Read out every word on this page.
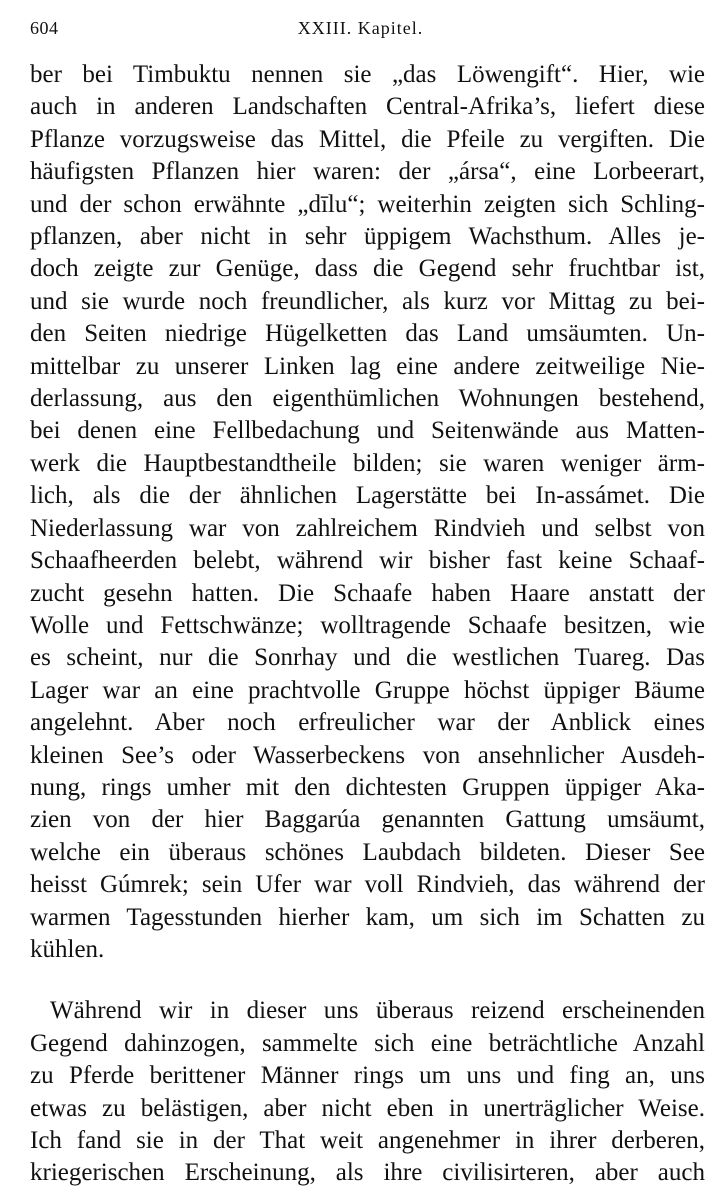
604	XXIII. Kapitel.
ber bei Timbuktu nennen sie „das Löwengift“. Hier, wie
auch in anderen Landschaften Central-Afrika’s, liefert diese
Pflanze vorzugsweise das Mittel, die Pfeile zu vergiften. Die
häufigsten Pflanzen hier waren: der „ársa“, eine Lorbeerart,
und der schon erwähnte „dīlu“; weiterhin zeigten sich Schling-
pflanzen, aber nicht in sehr üppigem Wachsthum. Alles je-
doch zeigte zur Genüge, dass die Gegend sehr fruchtbar ist,
und sie wurde noch freundlicher, als kurz vor Mittag zu bei-
den Seiten niedrige Hügelketten das Land umsäumten. Un-
mittelbar zu unserer Linken lag eine andere zeitweilige Nie-
derlassung, aus den eigenthümlichen Wohnungen bestehend,
bei denen eine Fellbedachung und Seitenwände aus Matten-
werk die Hauptbestandtheile bilden; sie waren weniger ärm-
lich, als die der ähnlichen Lagerstätte bei In-assámet. Die
Niederlassung war von zahlreichem Rindvieh und selbst von
Schaafheerden belebt, während wir bisher fast keine Schaaf-
zucht gesehn hatten. Die Schaafe haben Haare anstatt der
Wolle und Fettschwänze; wolltragende Schaafe besitzen, wie
es scheint, nur die Sonrhay und die westlichen Tuareg. Das
Lager war an eine prachtvolle Gruppe höchst üppiger Bäume
angelehnt. Aber noch erfreulicher war der Anblick eines
kleinen See’s oder Wasserbeckens von ansehnlicher Ausdeh-
nung, rings umher mit den dichtesten Gruppen üppiger Aka-
zien von der hier Baggarúa genannten Gattung umsäumt,
welche ein überaus schönes Laubdach bildeten. Dieser See
heisst Gúmrek; sein Ufer war voll Rindvieh, das während der
warmen Tagesstunden hierher kam, um sich im Schatten zu
kühlen.
Während wir in dieser uns überaus reizend erscheinenden
Gegend dahinzogen, sammelte sich eine beträchtliche Anzahl
zu Pferde berittener Männer rings um uns und fing an, uns
etwas zu belästigen, aber nicht eben in unerträglicher Weise.
Ich fand sie in der That weit angenehmer in ihrer derberen,
kriegerischen Erscheinung, als ihre civilisirteren, aber auch
